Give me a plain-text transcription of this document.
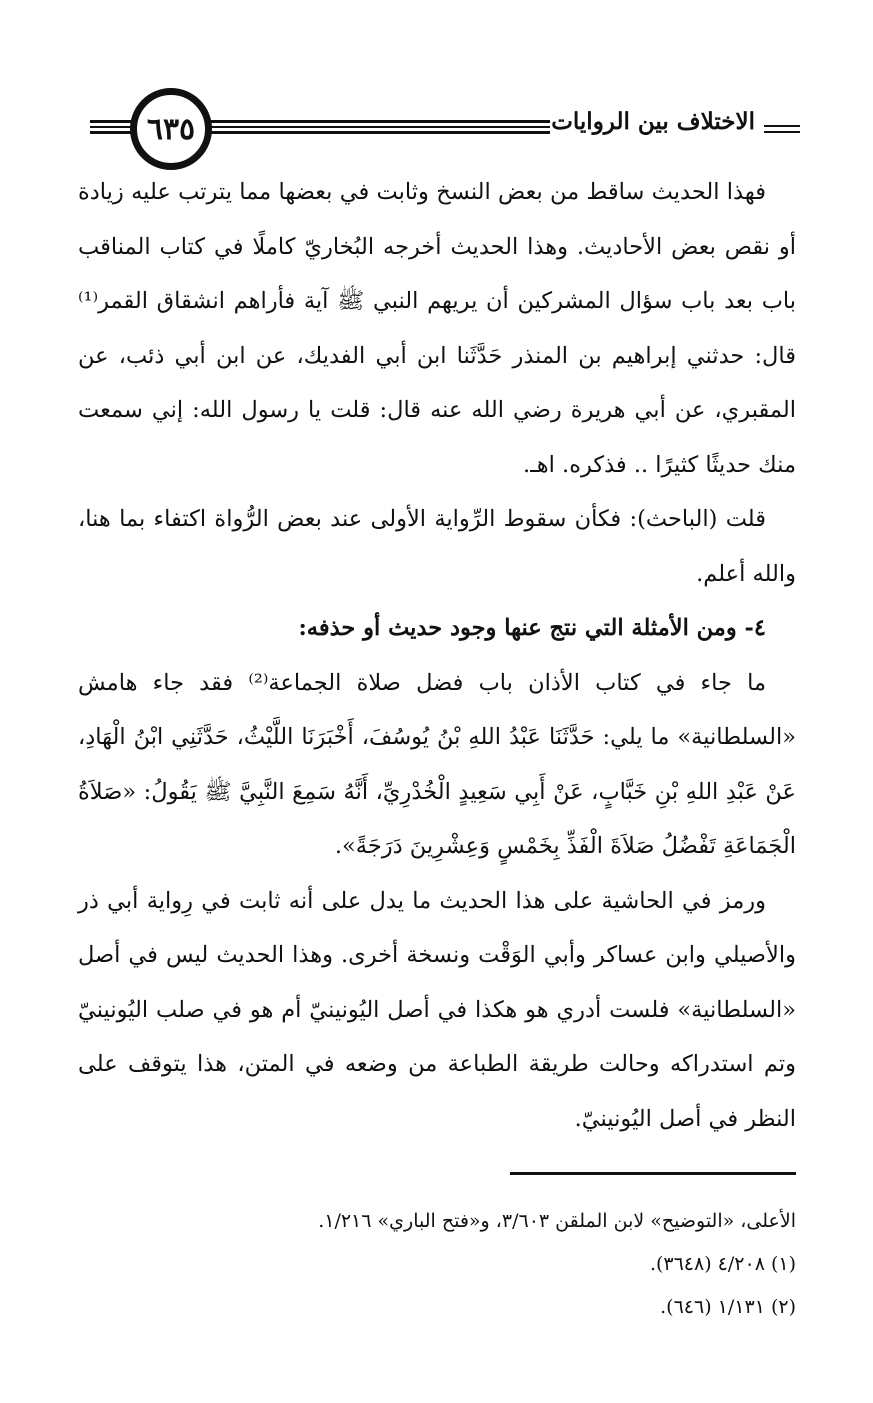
٦٣٥	الاختلاف بين الروايات

فهذا الحديث ساقط من بعض النسخ وثابت في بعضها مما يترتب عليه زيادة أو نقص بعض الأحاديث. وهذا الحديث أخرجه البُخاريّ كاملًا في كتاب المناقب باب بعد باب سؤال المشركين أن يريهم النبي ﷺ آية فأراهم انشقاق القمر⁽¹⁾ قال: حدثني إبراهيم بن المنذر حَدَّثَنا ابن أبي الفديك، عن ابن أبي ذئب، عن المقبري، عن أبي هريرة رضي الله عنه قال: قلت يا رسول الله: إني سمعت منك حديثًا كثيرًا .. فذكره. اهـ.

قلت (الباحث): فكأن سقوط الرِّواية الأولى عند بعض الرُّواة اكتفاء بما هنا، والله أعلم.

٤- ومن الأمثلة التي نتج عنها وجود حديث أو حذفه:

ما جاء في كتاب الأذان باب فضل صلاة الجماعة⁽²⁾ فقد جاء هامش «السلطانية» ما يلي: حَدَّثَنَا عَبْدُ اللهِ بْنُ يُوسُفَ، أَخْبَرَنَا اللَّيْثُ، حَدَّثَنِي ابْنُ الْهَادِ، عَنْ عَبْدِ اللهِ بْنِ خَبَّابٍ، عَنْ أَبِي سَعِيدٍ الْخُدْرِيِّ، أَنَّهُ سَمِعَ النَّبِيَّ ﷺ يَقُولُ: «صَلاَةُ الْجَمَاعَةِ تَفْضُلُ صَلاَةَ الْفَذِّ بِخَمْسٍ وَعِشْرِينَ دَرَجَةً».

ورمز في الحاشية على هذا الحديث ما يدل على أنه ثابت في رِواية أبي ذر والأصيلي وابن عساكر وأبي الوَقْت ونسخة أخرى. وهذا الحديث ليس في أصل «السلطانية» فلست أدري هو هكذا في أصل اليُونينيّ أم هو في صلب اليُونينيّ وتم استدراكه وحالت طريقة الطباعة من وضعه في المتن، هذا يتوقف على النظر في أصل اليُونينيّ.

الأعلى، «التوضيح» لابن الملقن ٣/٦٠٣، و«فتح الباري» ١/٢١٦.
(١) ٤/٢٠٨ (٣٦٤٨).
(٢) ١/١٣١ (٦٤٦).
